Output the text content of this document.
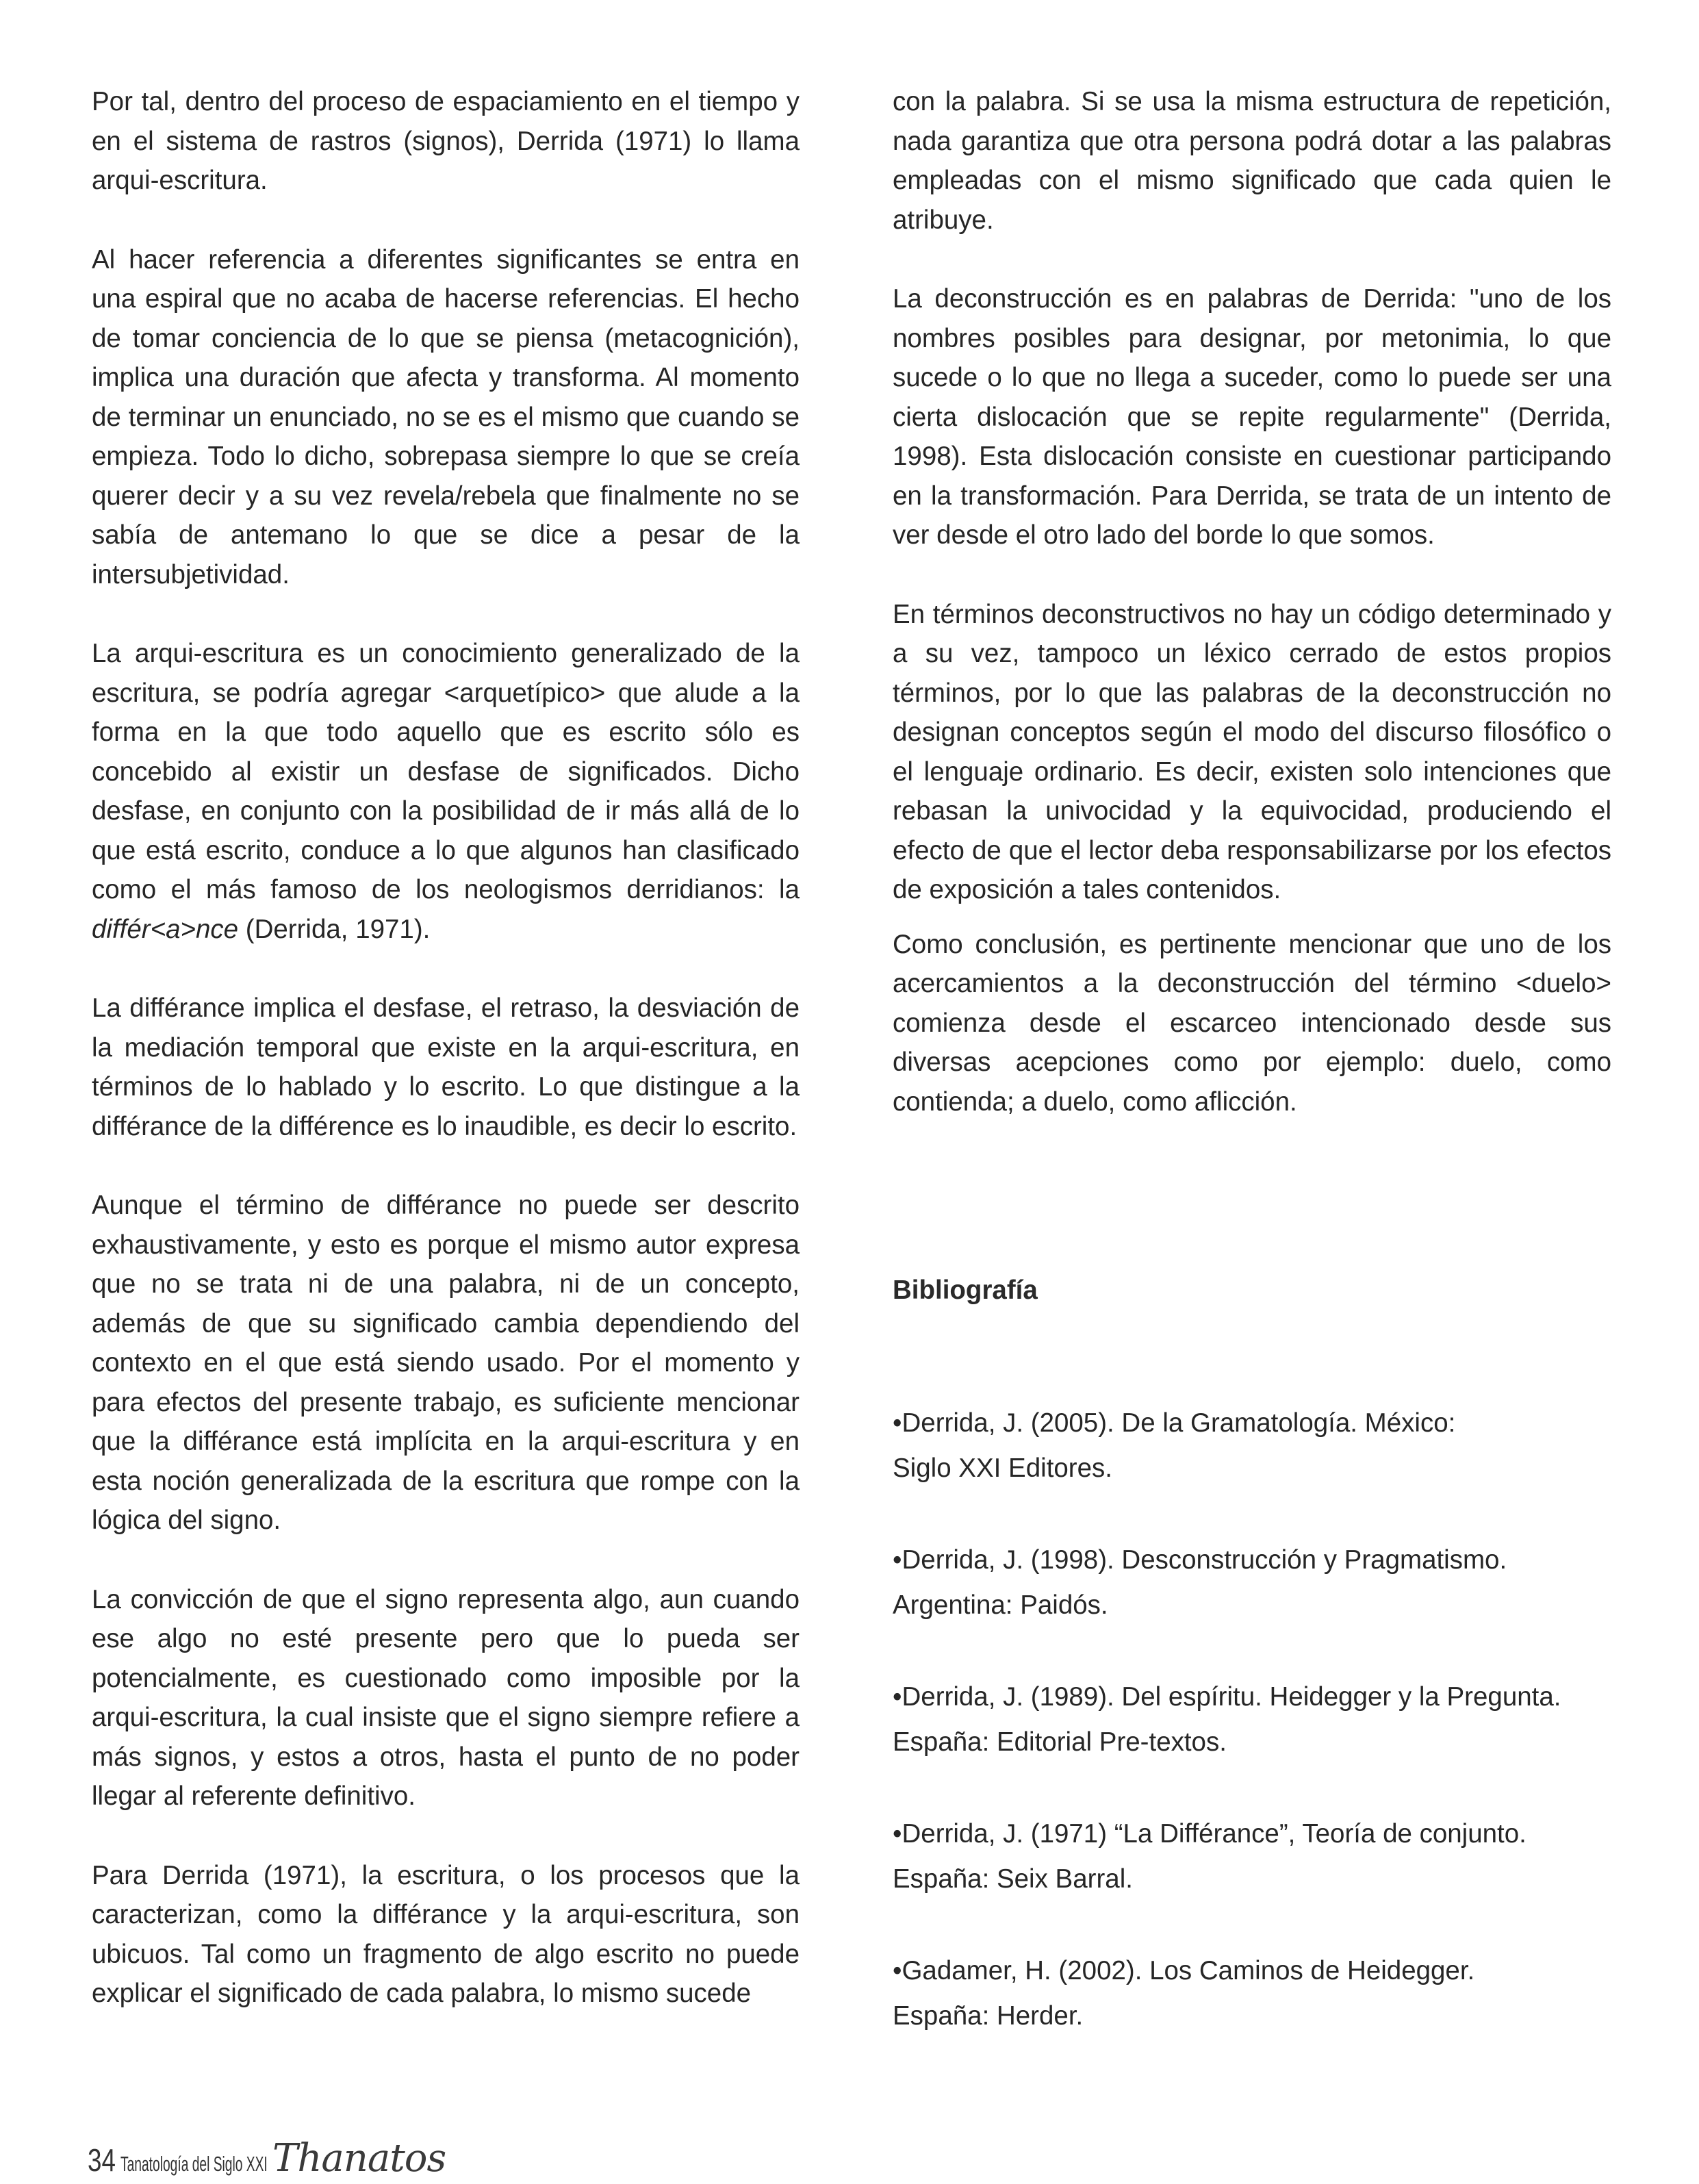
Por tal, dentro del proceso de espaciamiento en el tiempo y en el sistema de rastros (signos), Derrida (1971) lo llama arqui-escritura.

Al hacer referencia a diferentes significantes se entra en una espiral que no acaba de hacerse referencias. El hecho de tomar conciencia de lo que se piensa (metacognición), implica una duración que afecta y transforma. Al momento de terminar un enunciado, no se es el mismo que cuando se empieza. Todo lo dicho, sobrepasa siempre lo que se creía querer decir y a su vez revela/rebela que finalmente no se sabía de antemano lo que se dice a pesar de la intersubjetividad.

La arqui-escritura es un conocimiento generalizado de la escritura, se podría agregar <arquetípico> que alude a la forma en la que todo aquello que es escrito sólo es concebido al existir un desfase de significados. Dicho desfase, en conjunto con la posibilidad de ir más allá de lo que está escrito, conduce a lo que algunos han clasificado como el más famoso de los neologismos derridianos: la différ<a>nce (Derrida, 1971).

La différance implica el desfase, el retraso, la desviación de la mediación temporal que existe en la arqui-escritura, en términos de lo hablado y lo escrito. Lo que distingue a la différance de la différence es lo inaudible, es decir lo escrito.

Aunque el término de différance no puede ser descrito exhaustivamente, y esto es porque el mismo autor expresa que no se trata ni de una palabra, ni de un concepto, además de que su significado cambia dependiendo del contexto en el que está siendo usado. Por el momento y para efectos del presente trabajo, es suficiente mencionar que la différance está implícita en la arqui-escritura y en esta noción generalizada de la escritura que rompe con la lógica del signo.

La convicción de que el signo representa algo, aun cuando ese algo no esté presente pero que lo pueda ser potencialmente, es cuestionado como imposible por la arqui-escritura, la cual insiste que el signo siempre refiere a más signos, y estos a otros, hasta el punto de no poder llegar al referente definitivo.

Para Derrida (1971), la escritura, o los procesos que la caracterizan, como la différance y la arqui-escritura, son ubicuos. Tal como un fragmento de algo escrito no puede explicar el significado de cada palabra, lo mismo sucede

con la palabra. Si se usa la misma estructura de repetición, nada garantiza que otra persona podrá dotar a las palabras empleadas con el mismo significado que cada quien le atribuye.

La deconstrucción es en palabras de Derrida: "uno de los nombres posibles para designar, por metonimia, lo que sucede o lo que no llega a suceder, como lo puede ser una cierta dislocación que se repite regularmente" (Derrida, 1998). Esta dislocación consiste en cuestionar participando en la transformación. Para Derrida, se trata de un intento de ver desde el otro lado del borde lo que somos.

En términos deconstructivos no hay un código determinado y a su vez, tampoco un léxico cerrado de estos propios términos, por lo que las palabras de la deconstrucción no designan conceptos según el modo del discurso filosófico o el lenguaje ordinario. Es decir, existen solo intenciones que rebasan la univocidad y la equivocidad, produciendo el efecto de que el lector deba responsabilizarse por los efectos de exposición a tales contenidos.

Como conclusión, es pertinente mencionar que uno de los acercamientos a la deconstrucción del término <duelo> comienza desde el escarceo intencionado desde sus diversas acepciones como por ejemplo: duelo, como contienda; a duelo, como aflicción.

Bibliografía
•Derrida, J. (2005). De la Gramatología. México:
Siglo XXI Editores.
•Derrida, J. (1998). Desconstrucción y Pragmatismo.
Argentina: Paidós.
•Derrida, J. (1989). Del espíritu. Heidegger y la Pregunta.
España: Editorial Pre-textos.
•Derrida, J. (1971) “La Différance”, Teoría de conjunto.
España: Seix Barral.
•Gadamer, H. (2002). Los Caminos de Heidegger.
España: Herder.
34 Tanatología del Siglo XXI Thanatos
